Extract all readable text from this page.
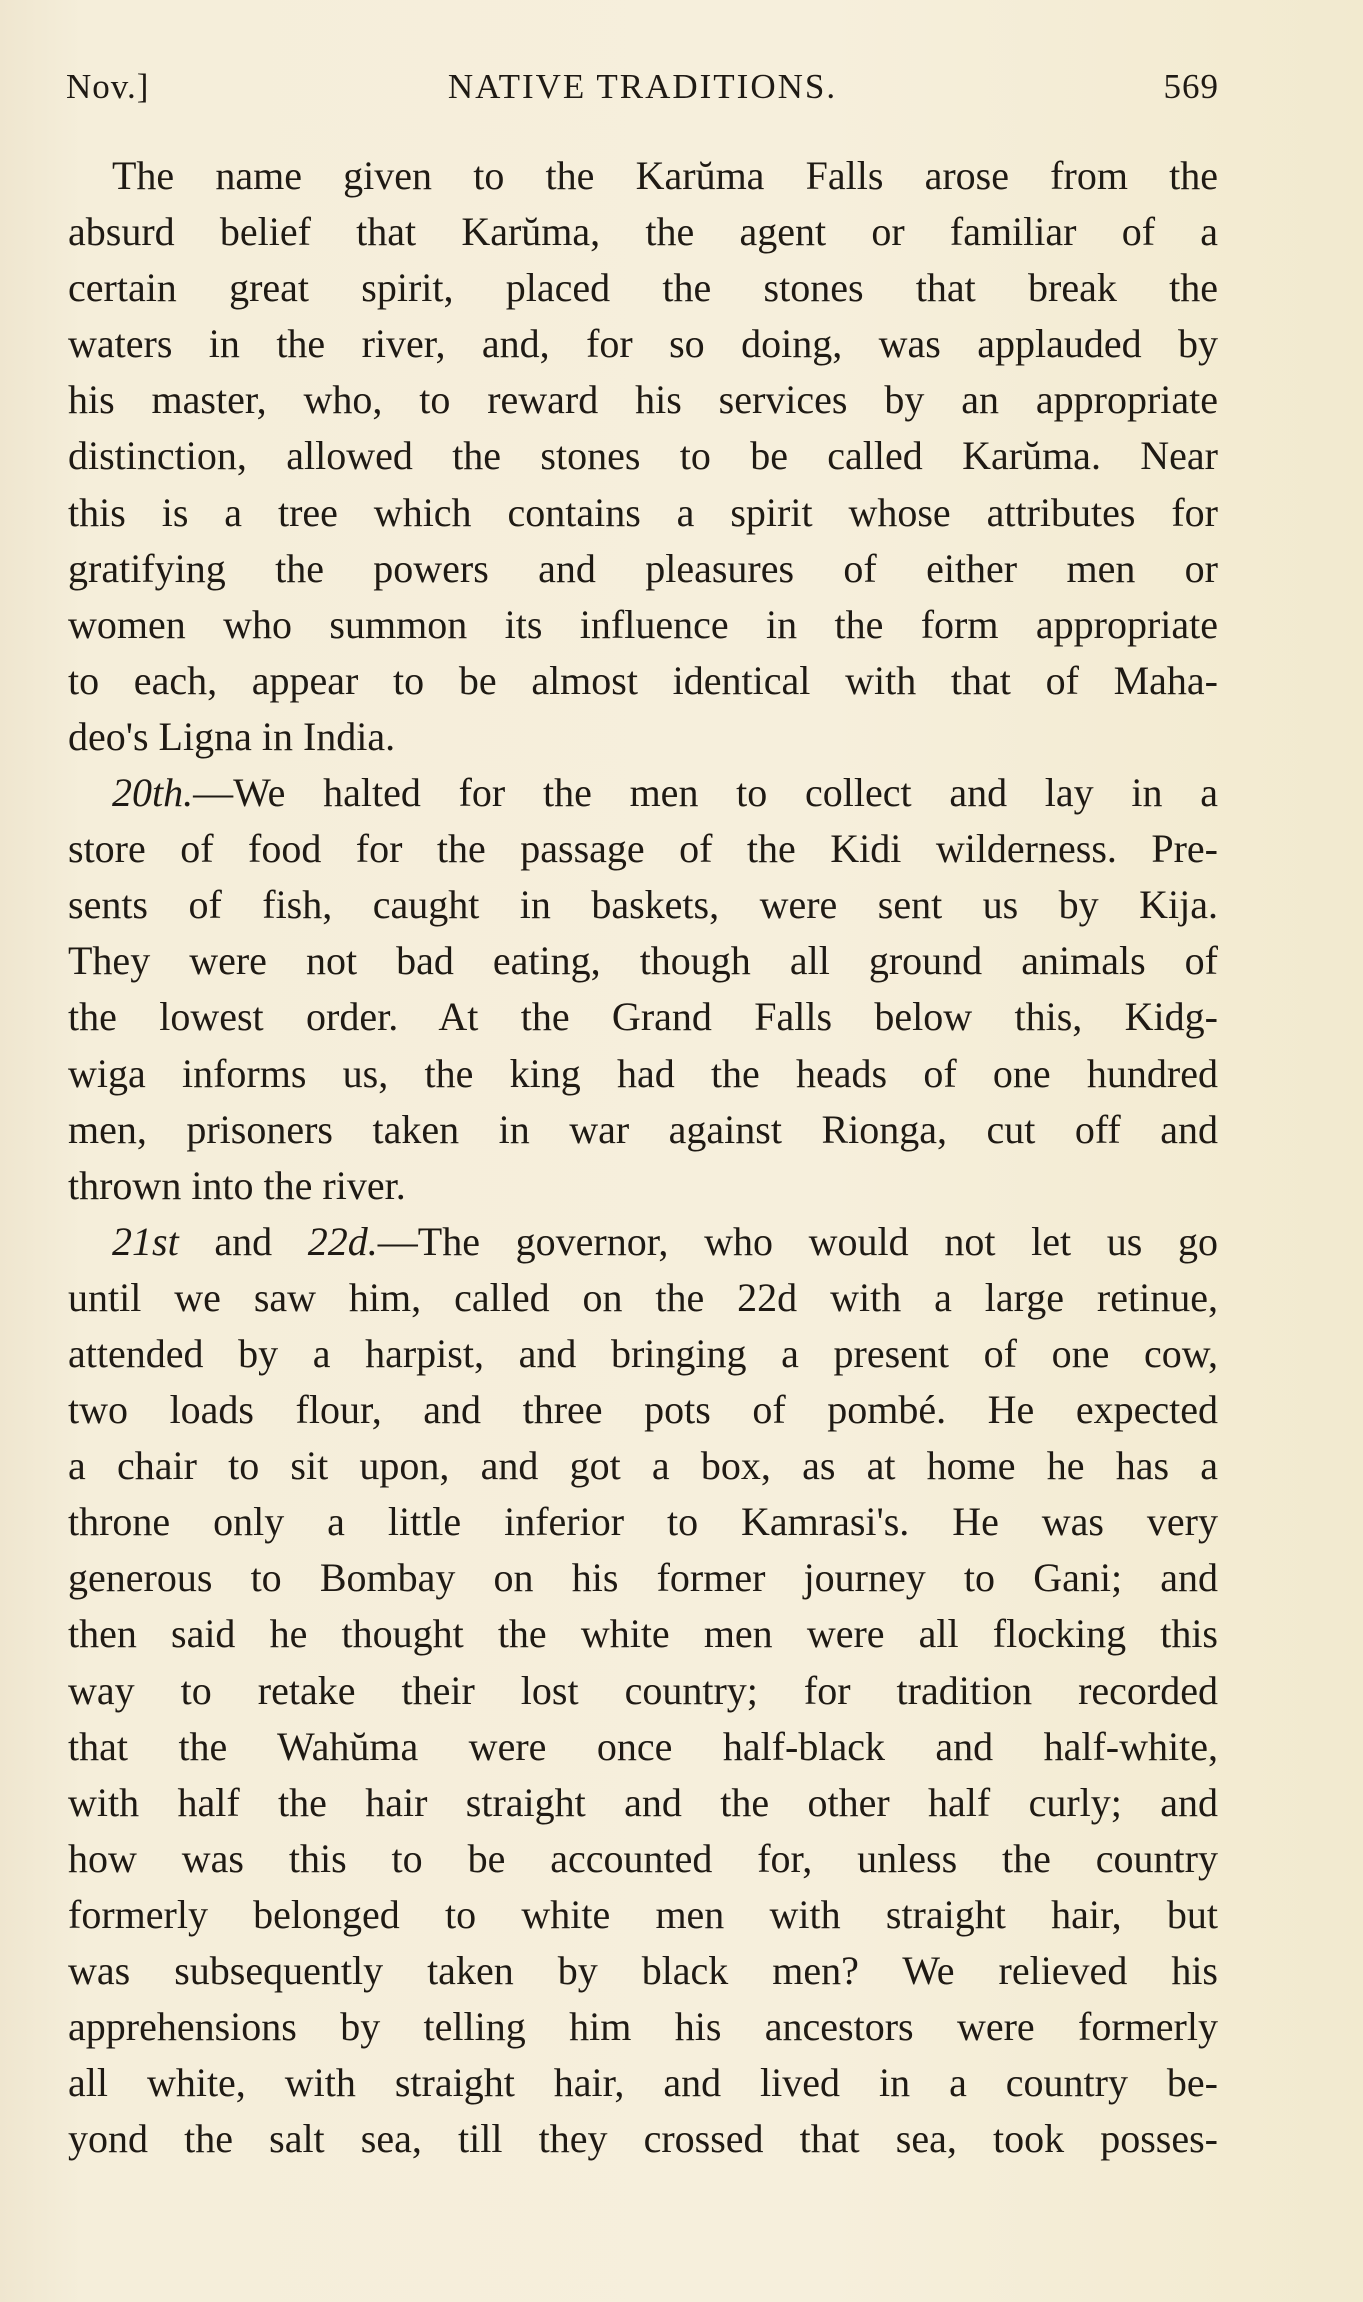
Nov.]	NATIVE TRADITIONS.	569
The name given to the Karŭma Falls arose from the
absurd belief that Karŭma, the agent or familiar of a
certain great spirit, placed the stones that break the
waters in the river, and, for so doing, was applauded by
his master, who, to reward his services by an appropriate
distinction, allowed the stones to be called Karŭma. Near
this is a tree which contains a spirit whose attributes for
gratifying the powers and pleasures of either men or
women who summon its influence in the form appropriate
to each, appear to be almost identical with that of Maha-
deo's Ligna in India.
20th.—We halted for the men to collect and lay in a
store of food for the passage of the Kidi wilderness. Pre-
sents of fish, caught in baskets, were sent us by Kija.
They were not bad eating, though all ground animals of
the lowest order. At the Grand Falls below this, Kidg-
wiga informs us, the king had the heads of one hundred
men, prisoners taken in war against Rionga, cut off and
thrown into the river.
21st and 22d.—The governor, who would not let us go
until we saw him, called on the 22d with a large retinue,
attended by a harpist, and bringing a present of one cow,
two loads flour, and three pots of pombé. He expected
a chair to sit upon, and got a box, as at home he has a
throne only a little inferior to Kamrasi's. He was very
generous to Bombay on his former journey to Gani; and
then said he thought the white men were all flocking this
way to retake their lost country; for tradition recorded
that the Wahŭma were once half-black and half-white,
with half the hair straight and the other half curly; and
how was this to be accounted for, unless the country
formerly belonged to white men with straight hair, but
was subsequently taken by black men? We relieved his
apprehensions by telling him his ancestors were formerly
all white, with straight hair, and lived in a country be-
yond the salt sea, till they crossed that sea, took posses-
